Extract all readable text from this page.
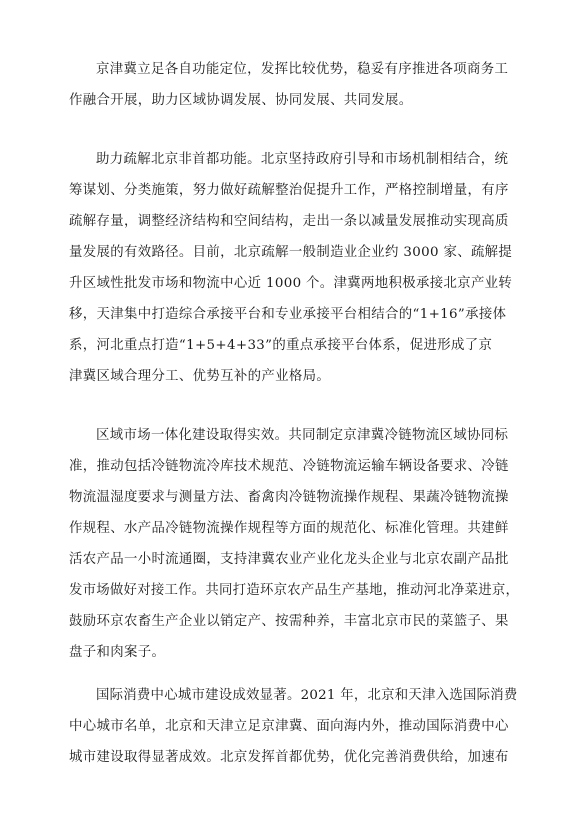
京津冀立足各自功能定位，发挥比较优势，稳妥有序推进各项商务工
作融合开展，助力区域协调发展、协同发展、共同发展。
助力疏解北京非首都功能。北京坚持政府引导和市场机制相结合，统
筹谋划、分类施策，努力做好疏解整治促提升工作，严格控制增量，有序
疏解存量，调整经济结构和空间结构，走出一条以减量发展推动实现高质
量发展的有效路径。目前，北京疏解一般制造业企业约 3000 家、疏解提
升区域性批发市场和物流中心近 1000 个。津冀两地积极承接北京产业转
移，天津集中打造综合承接平台和专业承接平台相结合的“1+16”承接体
系，河北重点打造“1+5+4+33”的重点承接平台体系，促进形成了京
津冀区域合理分工、优势互补的产业格局。
区域市场一体化建设取得实效。共同制定京津冀冷链物流区域协同标
准，推动包括冷链物流冷库技术规范、冷链物流运输车辆设备要求、冷链
物流温湿度要求与测量方法、畜禽肉冷链物流操作规程、果蔬冷链物流操
作规程、水产品冷链物流操作规程等方面的规范化、标准化管理。共建鲜
活农产品一小时流通圈，支持津冀农业产业化龙头企业与北京农副产品批
发市场做好对接工作。共同打造环京农产品生产基地，推动河北净菜进京，
鼓励环京农畜生产企业以销定产、按需种养，丰富北京市民的菜篮子、果
盘子和肉案子。
国际消费中心城市建设成效显著。2021 年，北京和天津入选国际消费
中心城市名单，北京和天津立足京津冀、面向海内外，推动国际消费中心
城市建设取得显著成效。北京发挥首都优势，优化完善消费供给，加速布
